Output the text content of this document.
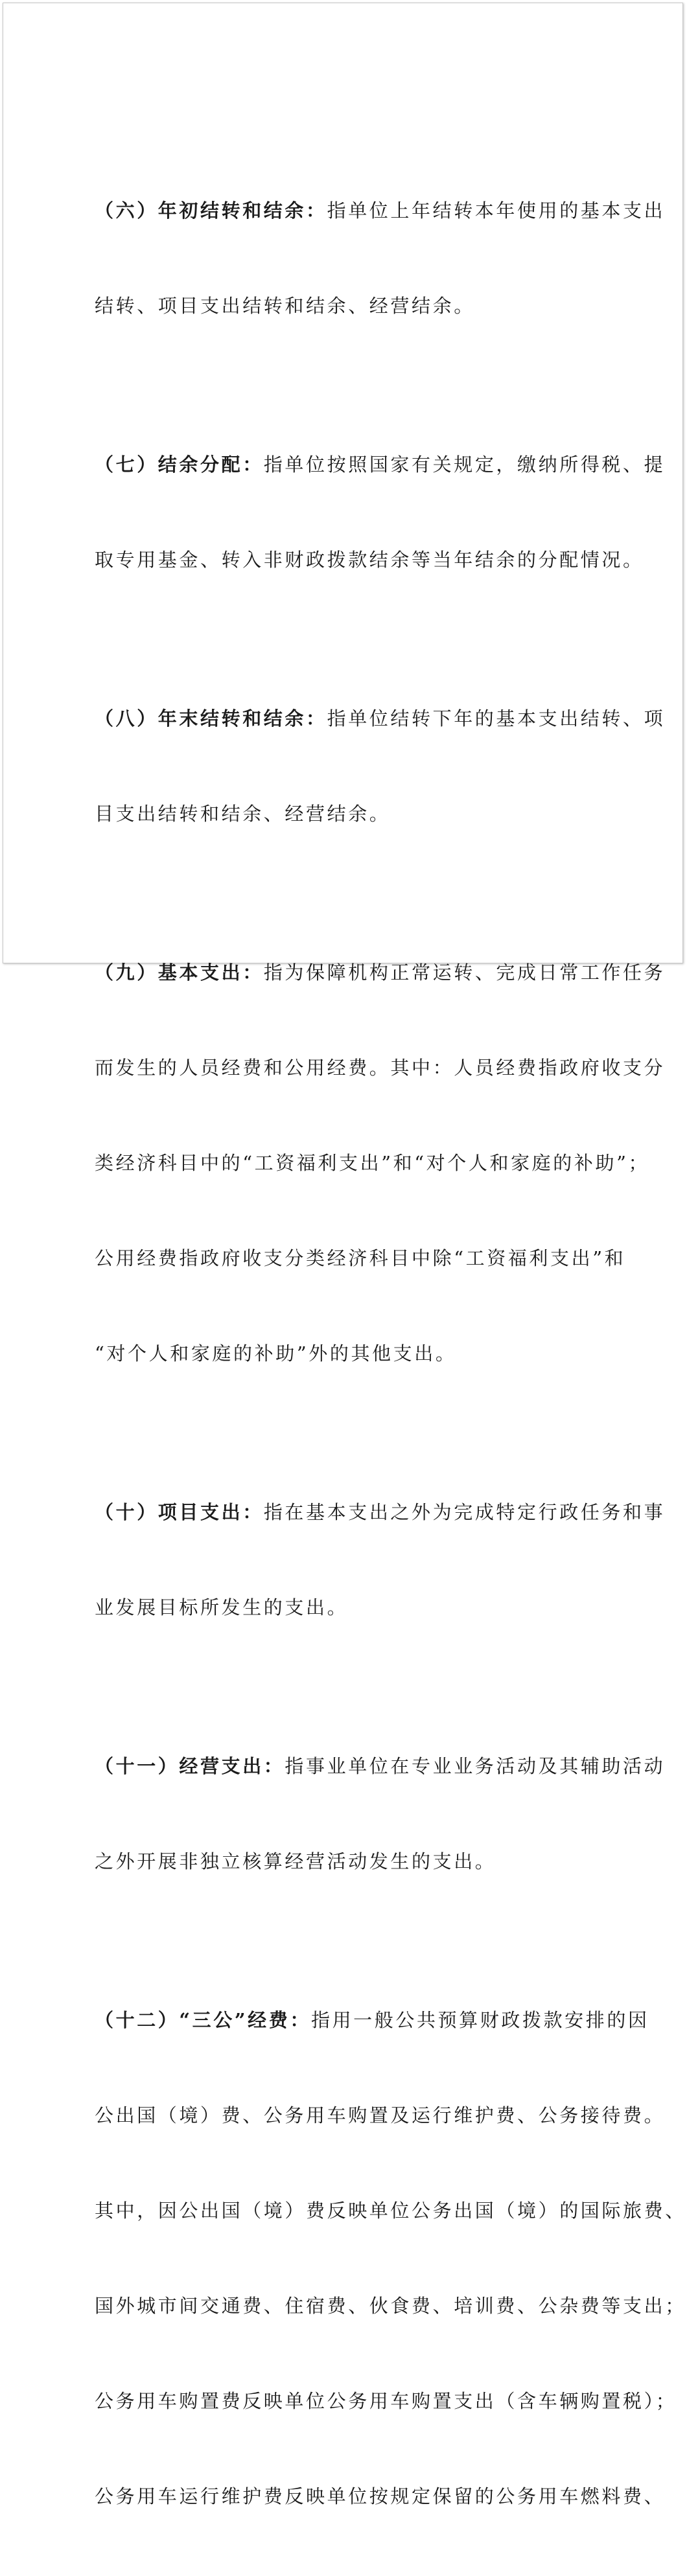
（六）年初结转和结余：指单位上年结转本年使用的基本支出

结转、项目支出结转和结余、经营结余。

（七）结余分配：指单位按照国家有关规定，缴纳所得税、提

取专用基金、转入非财政拨款结余等当年结余的分配情况。

（八）年末结转和结余：指单位结转下年的基本支出结转、项

目支出结转和结余、经营结余。

（九）基本支出：指为保障机构正常运转、完成日常工作任务

而发生的人员经费和公用经费。其中：人员经费指政府收支分

类经济科目中的“工资福利支出”和“对个人和家庭的补助”；

公用经费指政府收支分类经济科目中除“工资福利支出”和

“对个人和家庭的补助”外的其他支出。

（十）项目支出：指在基本支出之外为完成特定行政任务和事

业发展目标所发生的支出。

（十一）经营支出：指事业单位在专业业务活动及其辅助活动

之外开展非独立核算经营活动发生的支出。

（十二）“三公”经费：指用一般公共预算财政拨款安排的因

公出国（境）费、公务用车购置及运行维护费、公务接待费。

其中，因公出国（境）费反映单位公务出国（境）的国际旅费、

国外城市间交通费、住宿费、伙食费、培训费、公杂费等支出；

公务用车购置费反映单位公务用车购置支出（含车辆购置税）；

公务用车运行维护费反映单位按规定保留的公务用车燃料费、
